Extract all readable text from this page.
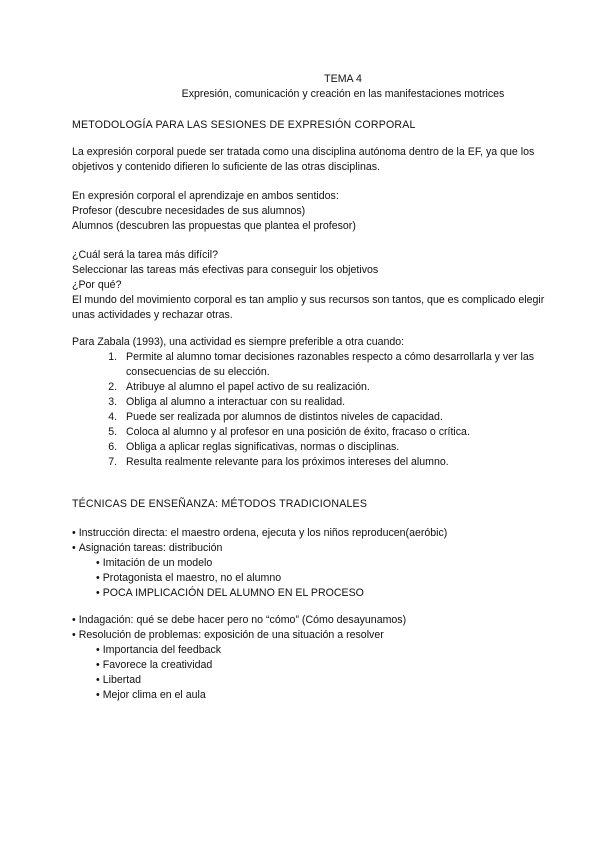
TEMA 4

Expresión, comunicación y creación en las manifestaciones motrices

METODOLOGÍA PARA LAS SESIONES DE EXPRESIÓN CORPORAL
La expresión corporal puede ser tratada como una disciplina autónoma dentro de la EF, ya que los objetivos y contenido difieren lo suficiente de las otras disciplinas.

En expresión corporal el aprendizaje en ambos sentidos:

Profesor (descubre necesidades de sus alumnos)

Alumnos (descubren las propuestas que plantea el profesor)

¿Cuál será la tarea más difícil?

Seleccionar las tareas más efectivas para conseguir los objetivos

¿Por qué?

El mundo del movimiento corporal es tan amplio y sus recursos son tantos, que es complicado elegir unas actividades y rechazar otras.

Para Zabala (1993), una actividad es siempre preferible a otra cuando:

1. Permite al alumno tomar decisiones razonables respecto a cómo desarrollarla y ver las consecuencias de su elección.
2. Atribuye al alumno el papel activo de su realización.
3. Obliga al alumno a interactuar con su realidad.
4. Puede ser realizada por alumnos de distintos niveles de capacidad.
5. Coloca al alumno y al profesor en una posición de éxito, fracaso o crítica.
6. Obliga a aplicar reglas significativas, normas o disciplinas.
7. Resulta realmente relevante para los próximos intereses del alumno.
TÉCNICAS DE ENSEÑANZA: MÉTODOS TRADICIONALES
• Instrucción directa: el maestro ordena, ejecuta y los niños reproducen(aeróbic)
• Asignación tareas: distribución
• Imitación de un modelo
• Protagonista el maestro, no el alumno
• POCA IMPLICACIÓN DEL ALUMNO EN EL PROCESO
• Indagación: qué se debe hacer pero no “cómo” (Cómo desayunamos)
• Resolución de problemas: exposición de una situación a resolver
• Importancia del feedback
• Favorece la creatividad
• Libertad
• Mejor clima en el aula
